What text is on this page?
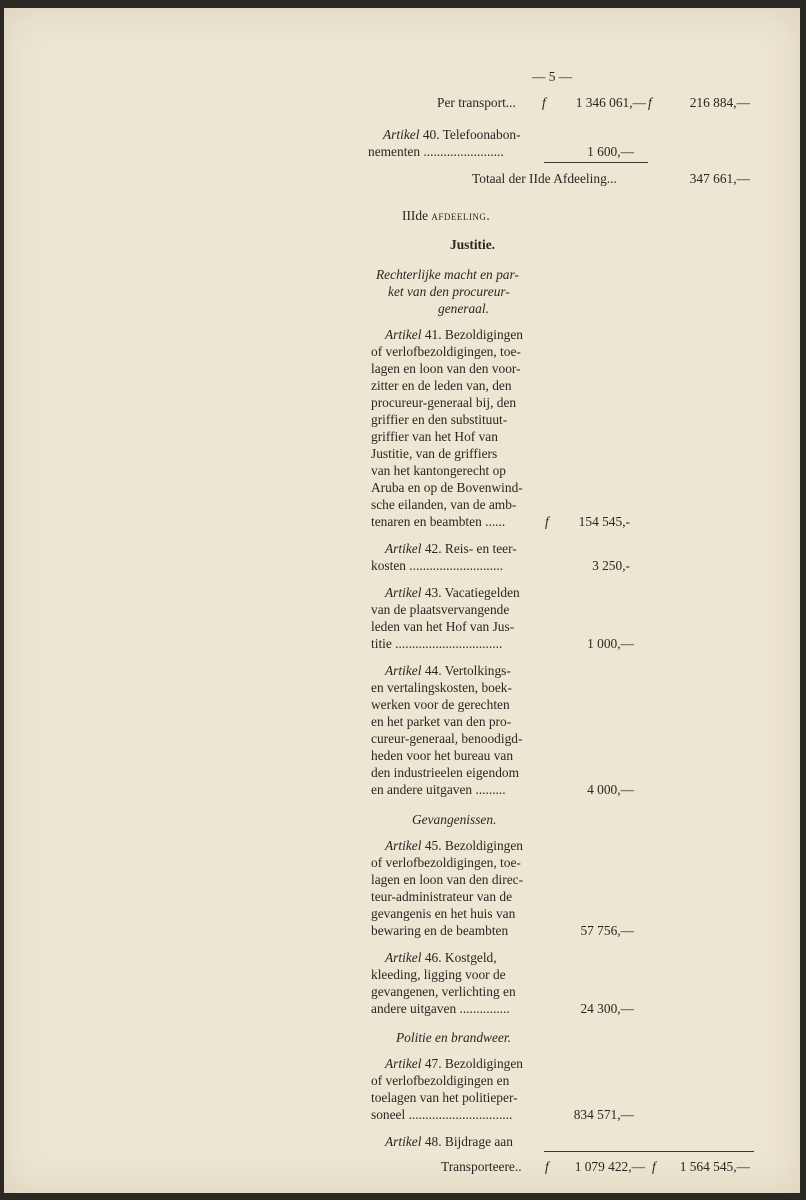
— 5 —
Per transport... f	1 346 061,— f	216 884,—
Artikel 40. Telefoonabon-
nementen ........................	1 600,—
Totaal der IIde Afdeeling...	347 661,—
IIIde afdeeling.
Justitie.
Rechterlijke macht en par-
ket van den procureur-
generaal.
Artikel 41. Bezoldigingen
of verlofbezoldigingen, toe-
lagen en loon van den voor-
zitter en de leden van, den
procureur-generaal bij, den
griffier en den substituut-
griffier van het Hof van
Justitie, van de griffiers
van het kantongerecht op
Aruba en op de Bovenwind-
sche eilanden, van de amb-
tenaren en beambten ......	f	154 545,-
Artikel 42. Reis- en teer-
kosten ............................	3 250,-
Artikel 43. Vacatiegelden
van de plaatsvervangende
leden van het Hof van Jus-
titie ................................	1 000,—
Artikel 44. Vertolkings-
en vertalingskosten, boek-
werken voor de gerechten
en het parket van den pro-
cureur-generaal, benoodigd-
heden voor het bureau van
den industrieelen eigendom
en andere uitgaven .........	4 000,—
Gevangenissen.
Artikel 45. Bezoldigingen
of verlofbezoldigingen, toe-
lagen en loon van den direc-
teur-administrateur van de
gevangenis en het huis van
bewaring en de beambten	57 756,—
Artikel 46. Kostgeld,
kleeding, ligging voor de
gevangenen, verlichting en
andere uitgaven ...............	24 300,—
Politie en brandweer.
Artikel 47. Bezoldigingen
of verlofbezoldigingen en
toelagen van het politieper-
soneel ...............................	834 571,—
Artikel 48. Bijdrage aan
Transporteere.. f	1 079 422,— f	1 564 545,—
